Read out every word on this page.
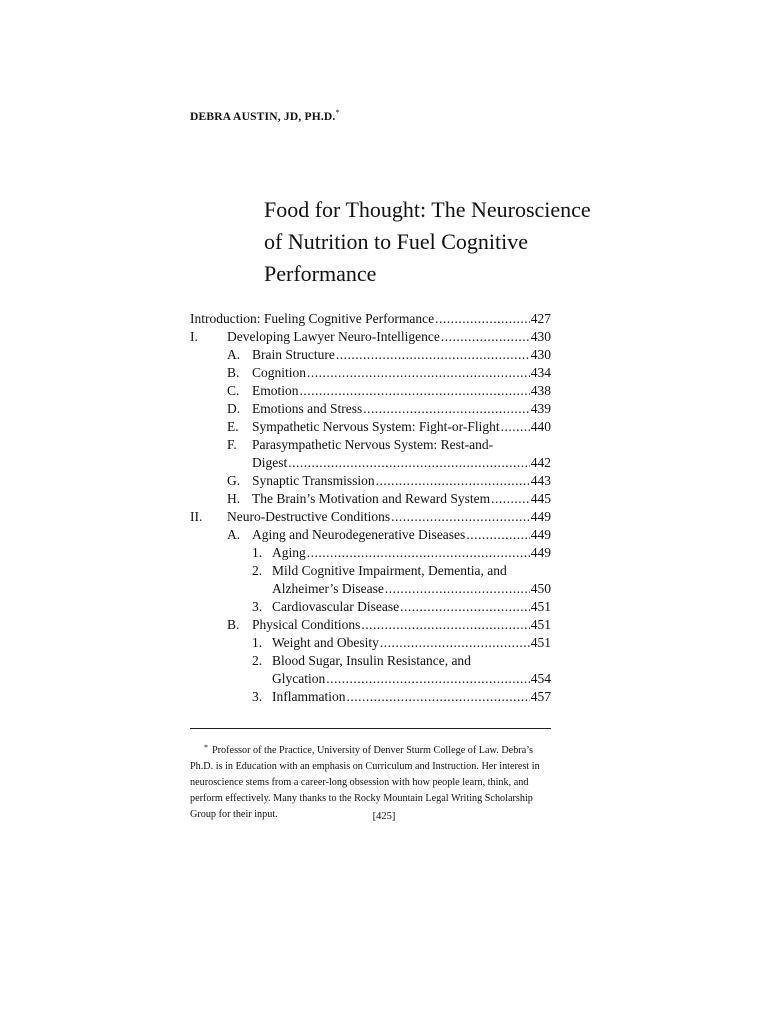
DEBRA AUSTIN, JD, PH.D.*
Food for Thought: The Neuroscience
of Nutrition to Fuel Cognitive
Performance
Introduction: Fueling Cognitive Performance .....	427
I. Developing Lawyer Neuro-Intelligence .....	430
A. Brain Structure .....	430
B. Cognition .....	434
C. Emotion .....	438
D. Emotions and Stress .....	439
E. Sympathetic Nervous System: Fight-or-Flight ..... 440
F. Parasympathetic Nervous System: Rest-and-
Digest .....	442
G. Synaptic Transmission .....	443
H. The Brain’s Motivation and Reward System .....	445
II. Neuro-Destructive Conditions .....	449
A. Aging and Neurodegenerative Diseases .....	449
1. Aging .....	449
2. Mild Cognitive Impairment, Dementia, and
Alzheimer’s Disease .....	450
3. Cardiovascular Disease .....	451
B. Physical Conditions .....	451
1. Weight and Obesity .....	451
2. Blood Sugar, Insulin Resistance, and
Glycation .....	454
3. Inflammation .....	457

* Professor of the Practice, University of Denver Sturm College of Law. Debra’s Ph.D. is in Education with an emphasis on Curriculum and Instruction. Her interest in neuroscience stems from a career-long obsession with how people learn, think, and perform effectively. Many thanks to the Rocky Mountain Legal Writing Scholarship Group for their input.	[425]
